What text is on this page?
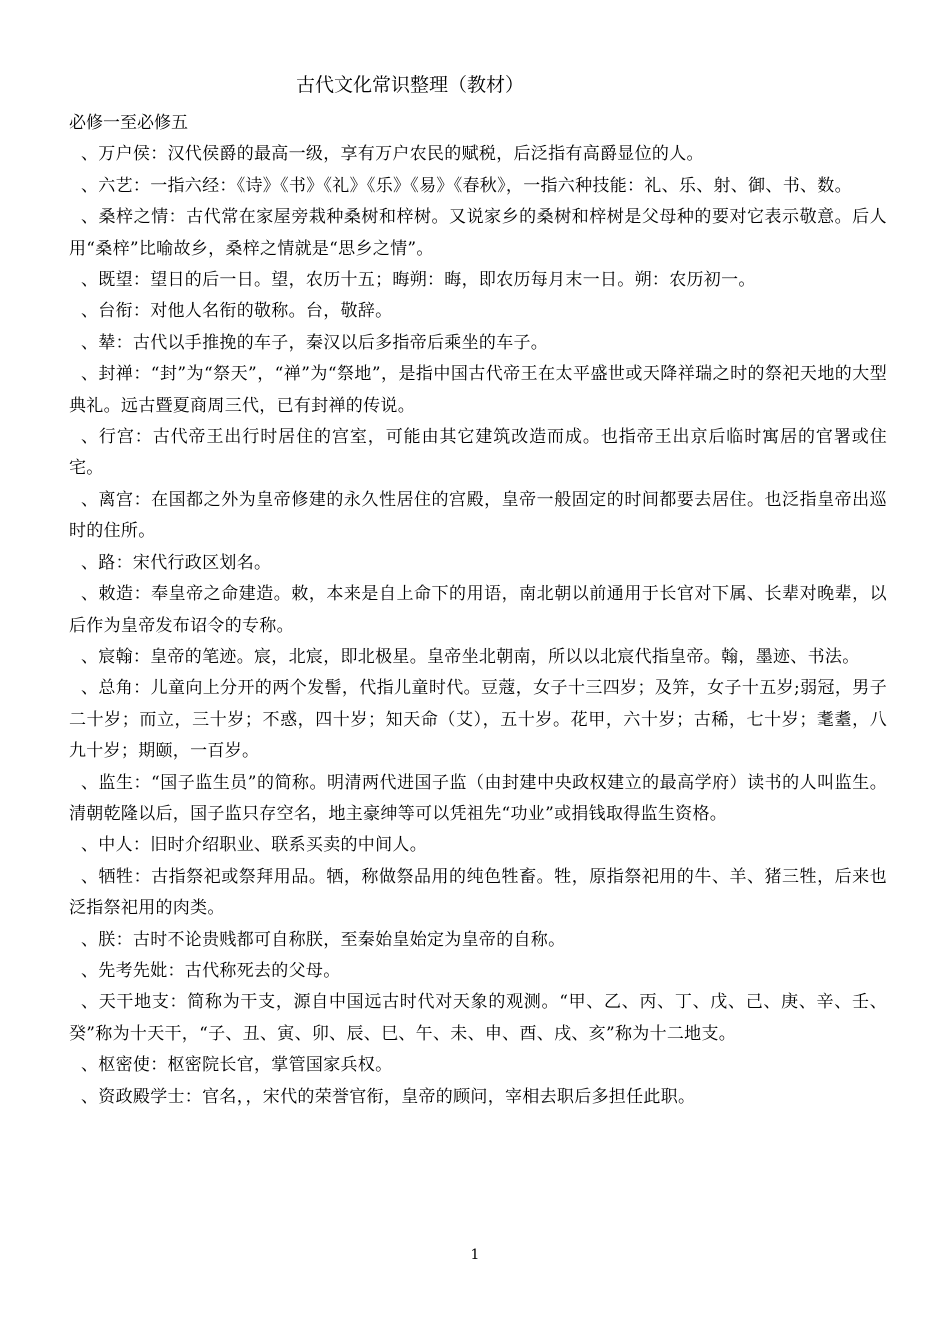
古代文化常识整理（教材）

必修一至必修五

、万户侯：汉代侯爵的最高一级，享有万户农民的赋税，后泛指有高爵显位的人。

、六艺：一指六经：《诗》《书》《礼》《乐》《易》《春秋》，一指六种技能：礼、乐、射、御、书、数。

、桑梓之情：古代常在家屋旁栽种桑树和梓树。又说家乡的桑树和梓树是父母种的要对它表示敬意。后人用“桑梓”比喻故乡，桑梓之情就是“思乡之情”。

、既望：望日的后一日。望，农历十五；晦朔：晦，即农历每月末一日。朔：农历初一。

、台衔：对他人名衔的敬称。台，敬辞。

、辇：古代以手推挽的车子，秦汉以后多指帝后乘坐的车子。

、封禅：“封”为“祭天”，“禅”为“祭地”，是指中国古代帝王在太平盛世或天降祥瑞之时的祭祀天地的大型典礼。远古暨夏商周三代，已有封禅的传说。

、行宫：古代帝王出行时居住的宫室，可能由其它建筑改造而成。也指帝王出京后临时寓居的官署或住宅。

、离宫：在国都之外为皇帝修建的永久性居住的宫殿，皇帝一般固定的时间都要去居住。也泛指皇帝出巡时的住所。

、路：宋代行政区划名。

、敕造：奉皇帝之命建造。敕，本来是自上命下的用语，南北朝以前通用于长官对下属、长辈对晚辈，以后作为皇帝发布诏令的专称。

、宸翰：皇帝的笔迹。宸，北宸，即北极星。皇帝坐北朝南，所以以北宸代指皇帝。翰，墨迹、书法。

、总角：儿童向上分开的两个发髻，代指儿童时代。豆蔻，女子十三四岁；及笄，女子十五岁;弱冠，男子二十岁；而立，三十岁；不惑，四十岁；知天命（艾），五十岁。花甲，六十岁；古稀，七十岁；耄耋，八九十岁；期颐，一百岁。

、监生：“国子监生员”的简称。明清两代进国子监（由封建中央政权建立的最高学府）读书的人叫监生。清朝乾隆以后，国子监只存空名，地主豪绅等可以凭祖先“功业”或捐钱取得监生资格。

、中人：旧时介绍职业、联系买卖的中间人。

、牺牲：古指祭祀或祭拜用品。牺，称做祭品用的纯色牲畜。牲，原指祭祀用的牛、羊、猪三牲，后来也泛指祭祀用的肉类。

、朕：古时不论贵贱都可自称朕，至秦始皇始定为皇帝的自称。

、先考先妣：古代称死去的父母。

、天干地支：简称为干支，源自中国远古时代对天象的观测。“甲、乙、丙、丁、戊、己、庚、辛、壬、癸”称为十天干，“子、丑、寅、卯、辰、巳、午、未、申、酉、戌、亥”称为十二地支。

、枢密使：枢密院长官，掌管国家兵权。

、资政殿学士：官名，，宋代的荣誉官衔，皇帝的顾问，宰相去职后多担任此职。

1
